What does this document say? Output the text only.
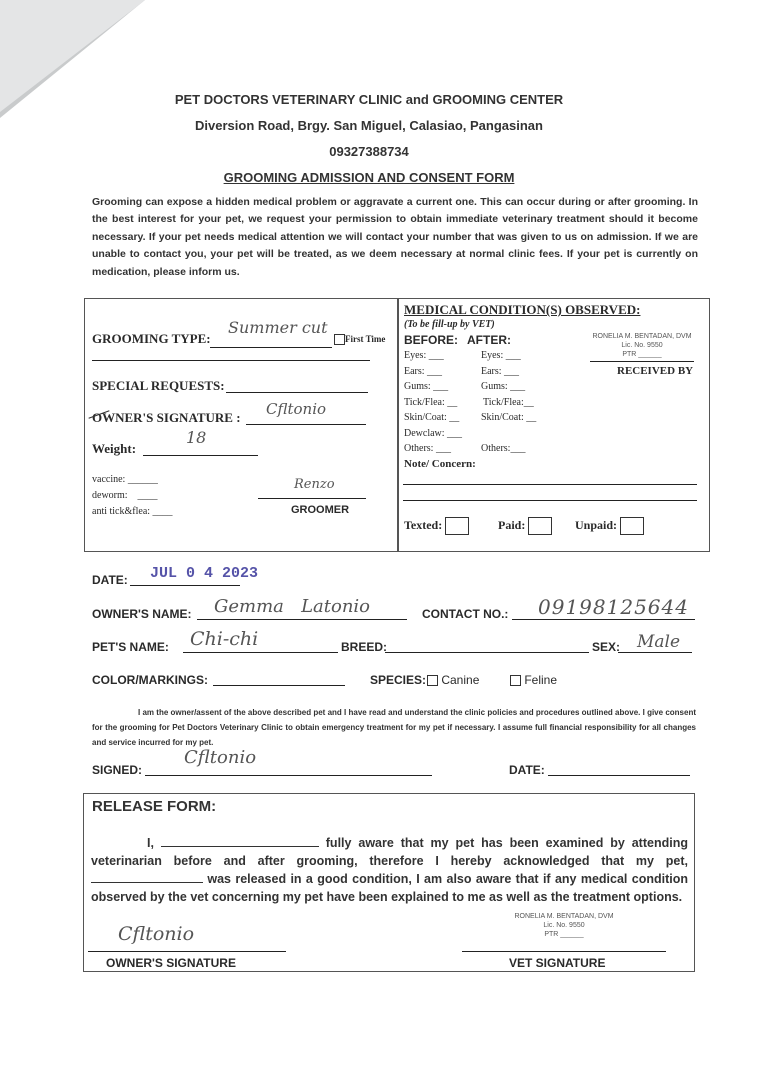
PET DOCTORS VETERINARY CLINIC and GROOMING CENTER
Diversion Road, Brgy. San Miguel, Calasiao, Pangasinan
09327388734
GROOMING ADMISSION AND CONSENT FORM
Grooming can expose a hidden medical problem or aggravate a current one. This can occur during or after grooming. In the best interest for your pet, we request your permission to obtain immediate veterinary treatment should it become necessary. If your pet needs medical attention we will contact your number that was given to us on admission. If we are unable to contact you, your pet will be treated, as we deem necessary at normal clinic fees. If your pet is currently on medication, please inform us.
GROOMING TYPE:
Summer cut
First Time
SPECIAL REQUESTS:
OWNER'S SIGNATURE : Cfltonio
Weight:
18
vaccine: ______
deworm:    ____
anti tick&flea: ____
Renzo
GROOMER
MEDICAL CONDITION(S) OBSERVED:
(To be fill-up by VET)
BEFORE: AFTER:
Eyes: ___	Eyes: ___
Ears: ___	Ears: ___
Gums: ___	Gums: ___
Tick/Flea: __	Tick/Flea:__
Skin/Coat: __ Skin/Coat: __
Dewclaw: ___
Others: ___	Others:___
Note/ Concern:
RONELIA M. BENTADAN, DVM
Lic. No. 9550
PTR ______
RECEIVED BY
Texted:	Paid:	Unpaid:
DATE: JUL 0 4 2023
OWNER'S NAME: Gemma   Latonio	CONTACT NO.: 09198125644
PET'S NAME: Chi-chi	BREED:	SEX: Male
COLOR/MARKINGS:	SPECIES:	Canine	Feline
I am the owner/assent of the above described pet and I have read and understand the clinic policies and procedures outlined above. I give consent for the grooming for Pet Doctors Veterinary Clinic to obtain emergency treatment for my pet if necessary. I assume full financial responsibility for all changes and service incurred for my pet.
SIGNED:
Cfltonio
DATE:
RELEASE FORM:
I,	fully aware that my pet has been examined by attending veterinarian before and after grooming, therefore I hereby acknowledged that my pet,  was released in a good condition, I am also aware that if any medical condition observed by the vet concerning my pet have been explained to me as well as the treatment options.
Cfltonio
OWNER'S SIGNATURE
RONELIA M. BENTADAN, DVM
Lic. No. 9550
PTR ______
VET SIGNATURE
